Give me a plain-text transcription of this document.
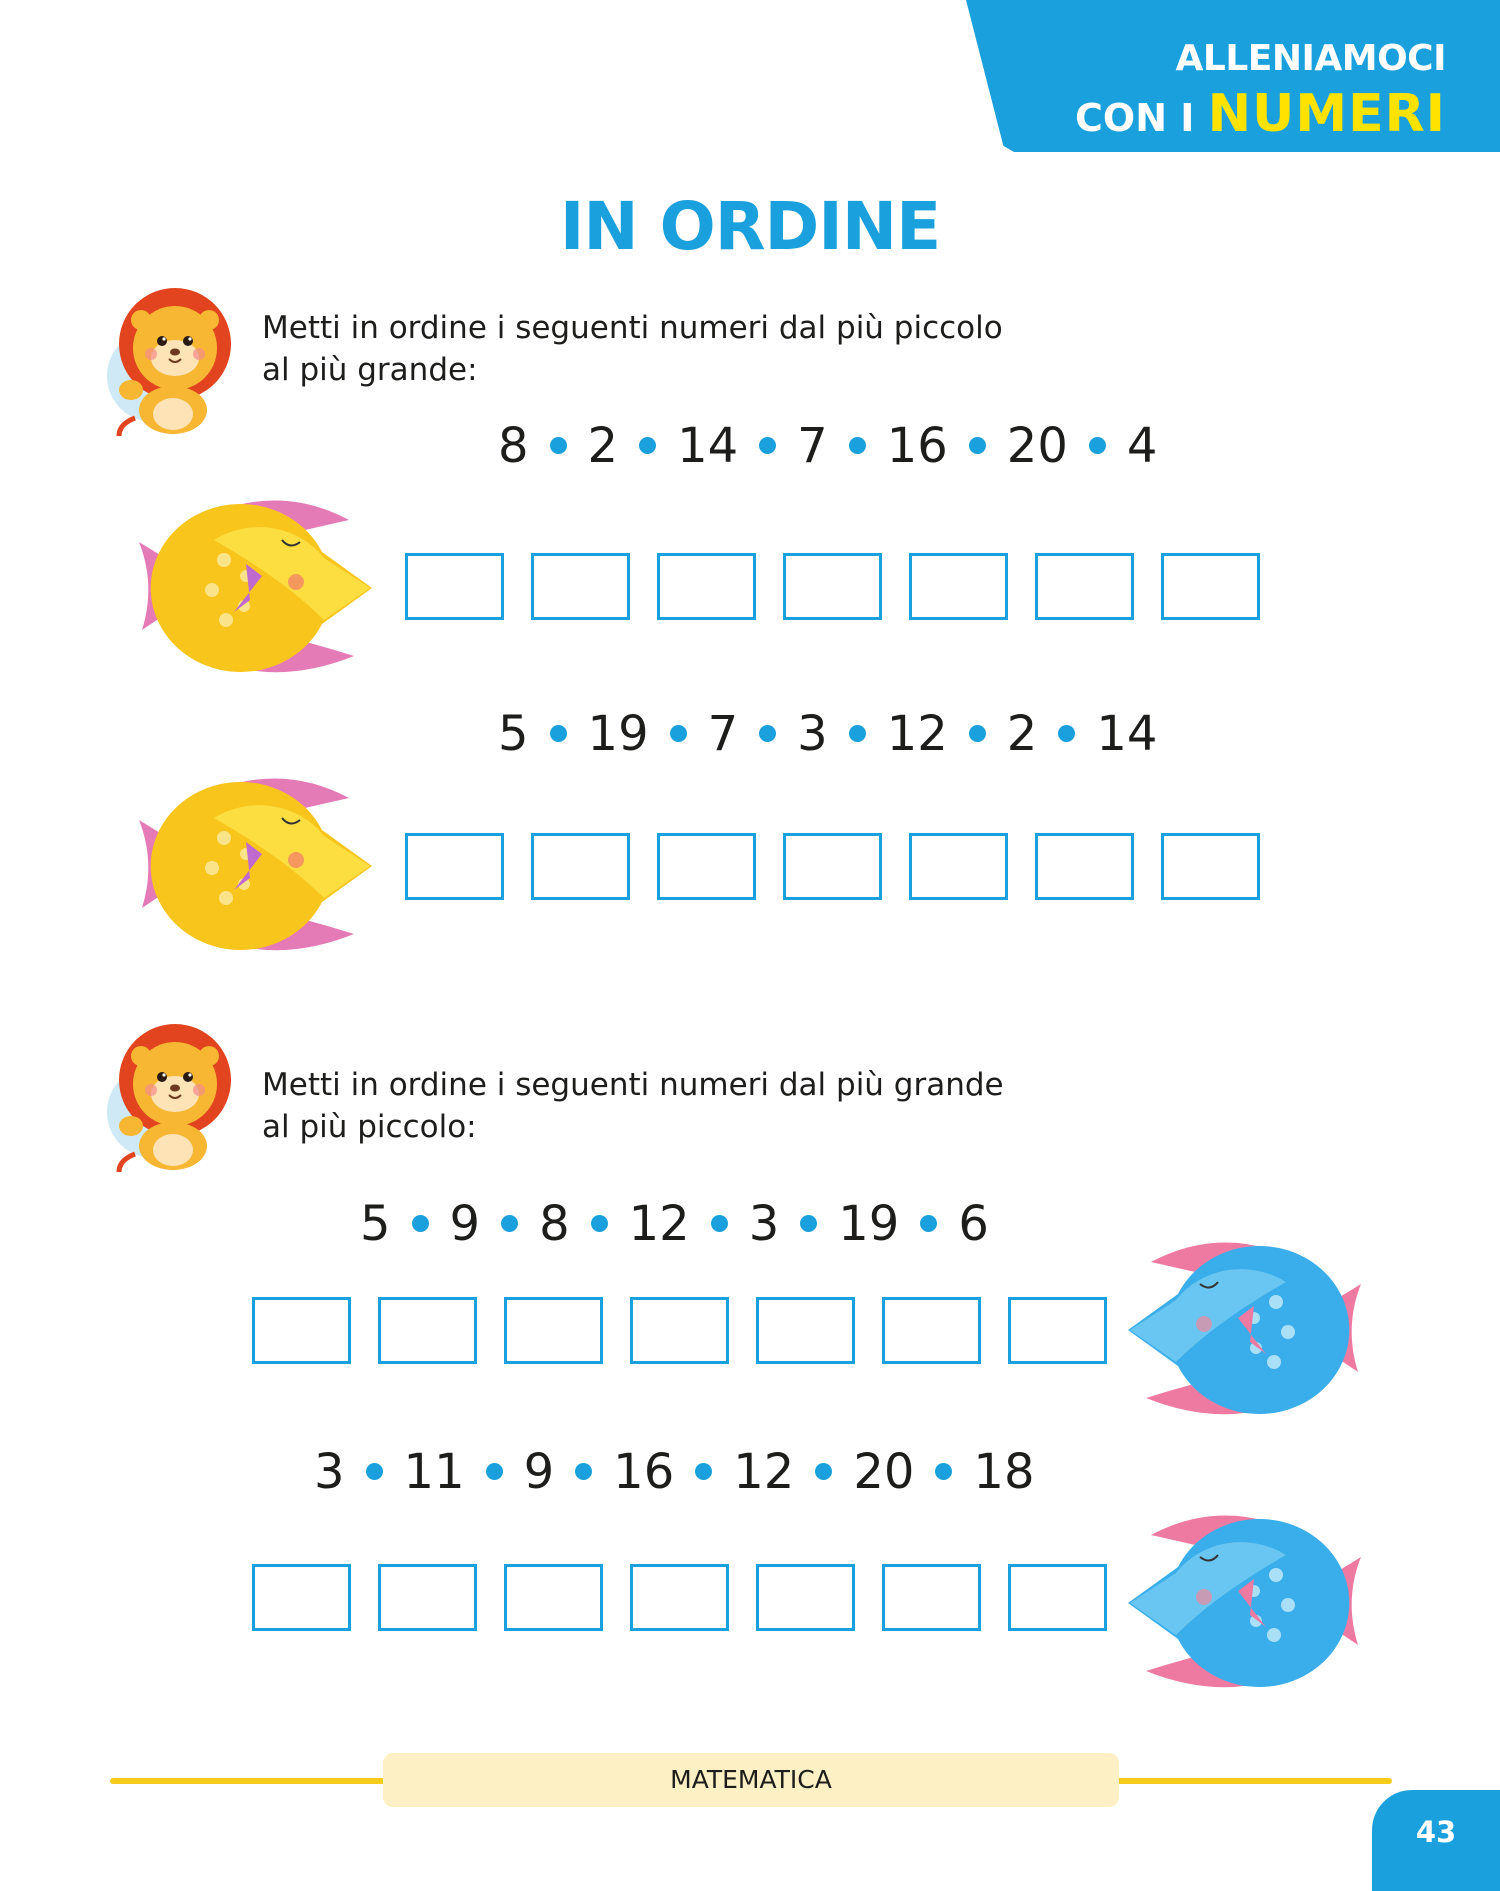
ALLENIAMOCI
CON I NUMERI
IN ORDINE
Metti in ordine i seguenti numeri dal più piccolo
al più grande:
8 2 14 7 16 20 4
5 19 7 3 12 2 14
Metti in ordine i seguenti numeri dal più grande
al più piccolo:
5 9 8 12 3 19 6
3 11 9 16 12 20 18
MATEMATICA
43
